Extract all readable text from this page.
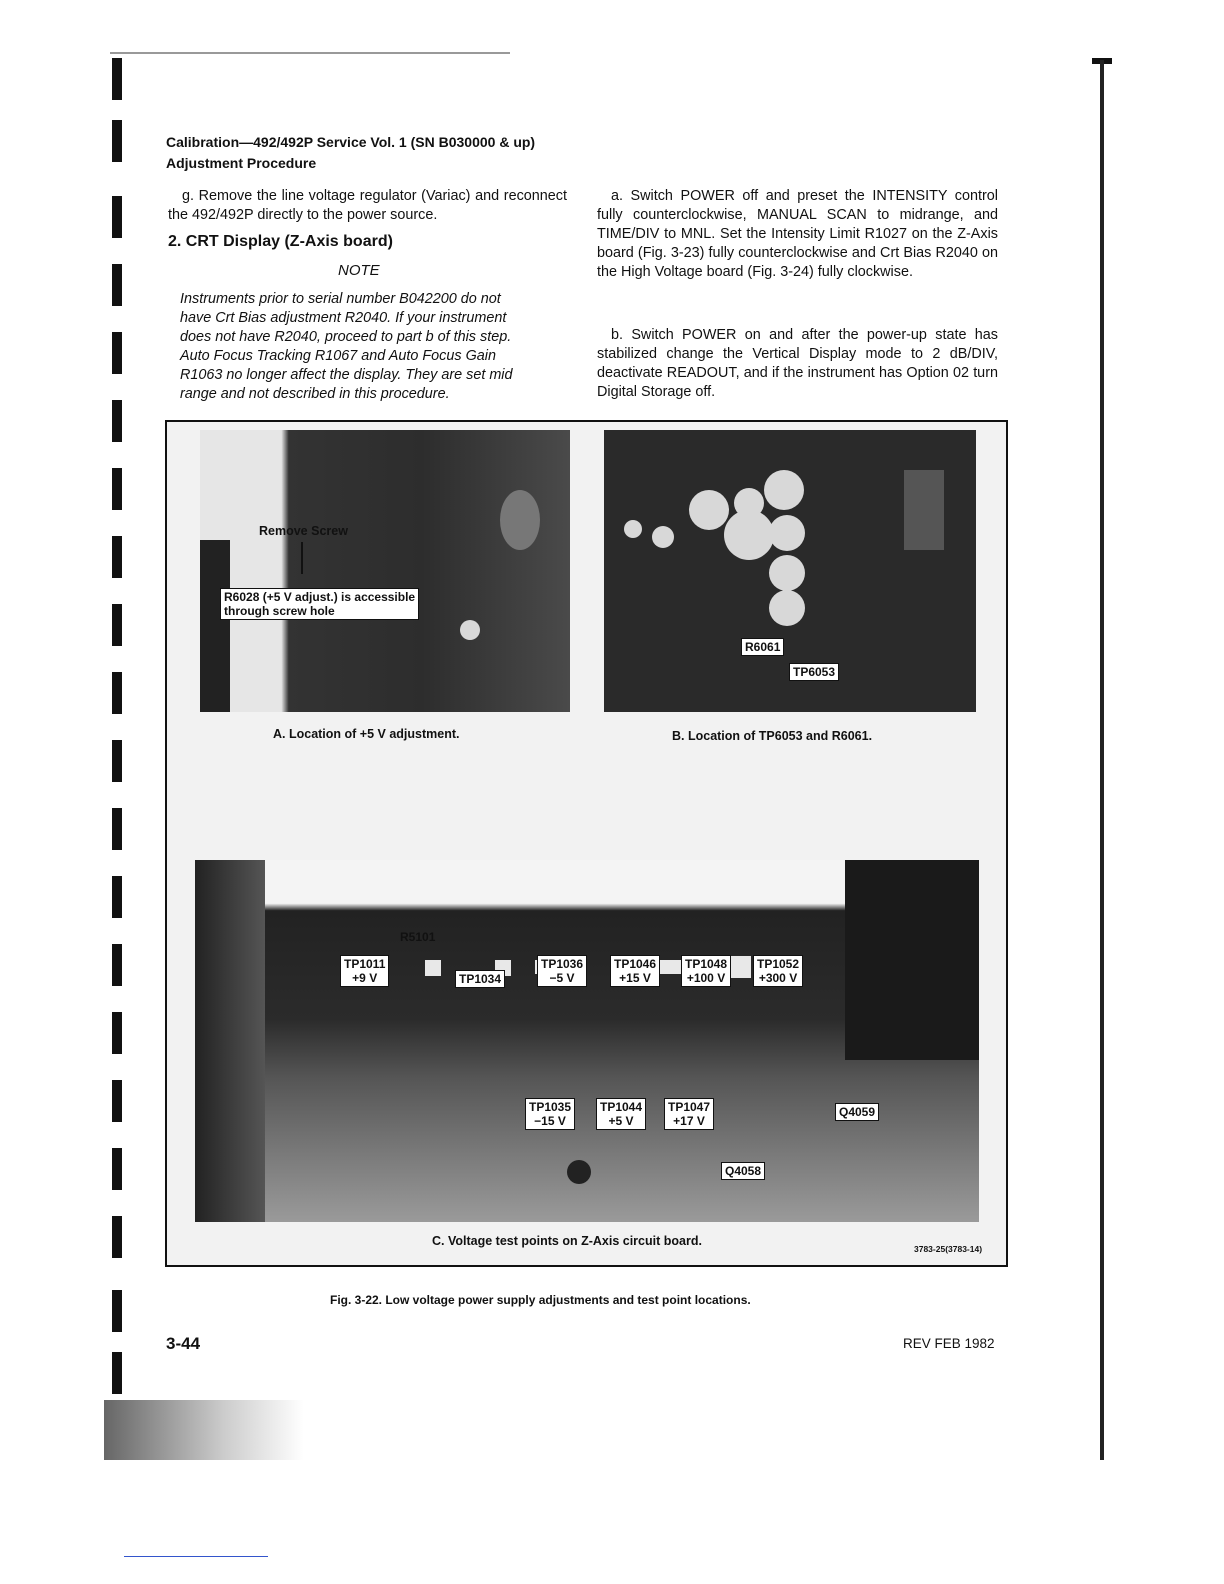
Calibration—492/492P Service Vol. 1 (SN B030000 & up)
Adjustment Procedure
g. Remove the line voltage regulator (Variac) and reconnect the 492/492P directly to the power source.
2. CRT Display (Z-Axis board)
NOTE

Instruments prior to serial number B042200 do not

have Crt Bias adjustment R2040. If your instrument

does not have R2040, proceed to part b of this step.

Auto Focus Tracking R1067 and Auto Focus Gain

R1063 no longer affect the display. They are set mid

range and not described in this procedure.

a. Switch POWER off and preset the INTENSITY control fully counterclockwise, MANUAL SCAN to midrange, and TIME/DIV to MNL. Set the Intensity Limit R1027 on the Z-Axis board (Fig. 3-23) fully counterclockwise and Crt Bias R2040 on the High Voltage board (Fig. 3-24) fully clockwise.
b. Switch POWER on and after the power-up state has stabilized change the Vertical Display mode to 2 dB/DIV, deactivate READOUT, and if the instrument has Option 02 turn Digital Storage off.
Remove Screw
R6028 (+5 V adjust.) is accessible
through screw hole
A. Location of +5 V adjustment.
R6061
TP6053
B. Location of TP6053 and R6061.
R5101
TP1011
+9 V	TP1034
TP1036
−5 V
TP1046
+15 V
TP1048
+100 V
TP1052
+300 V
TP1035
−15 V
TP1044
+5 V
TP1047
+17 V
Q4059
Q4058
C. Voltage test points on Z-Axis circuit board.
3783-25(3783-14)
Fig. 3-22. Low voltage power supply adjustments and test point locations.
3-44	REV FEB 1982
